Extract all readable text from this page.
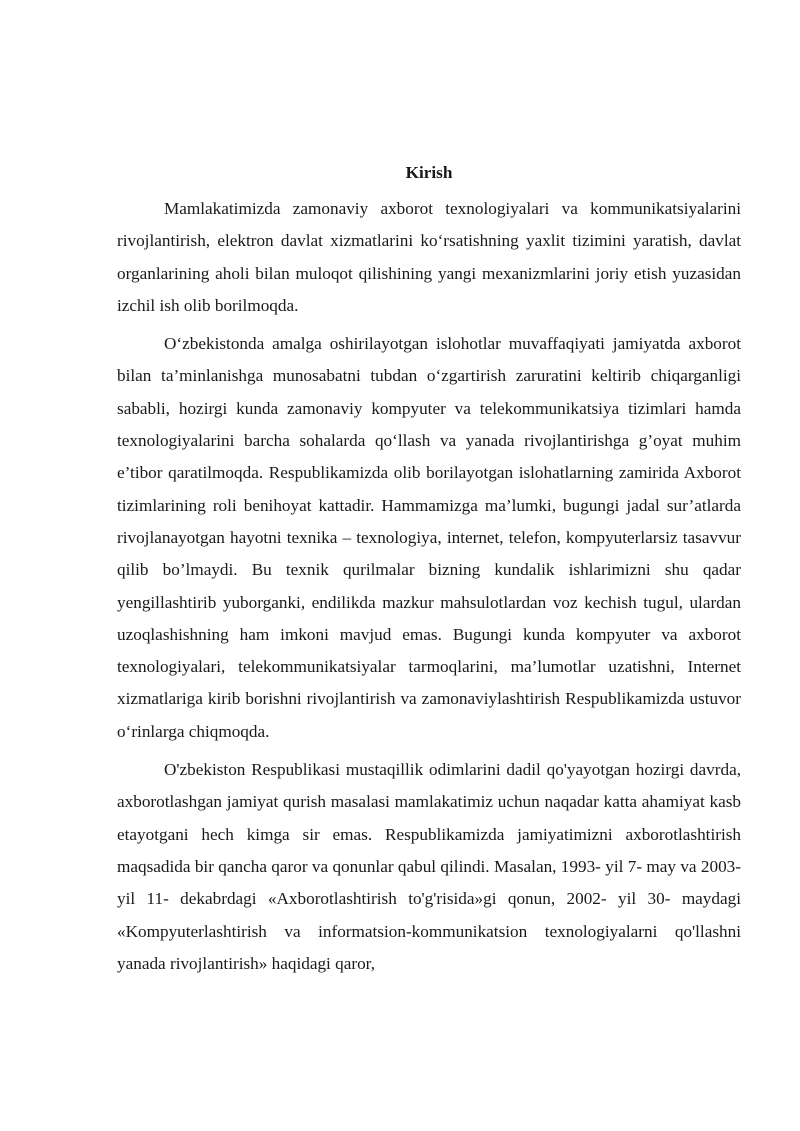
Kirish

Mamlakatimizda zamonaviy axborot texnologiyalari va kommunikatsiyalarini rivojlantirish, elektron davlat xizmatlarini ko‘rsatishning yaxlit tizimini yaratish, davlat organlarining aholi bilan muloqot qilishining yangi mexanizmlarini joriy etish yuzasidan izchil ish olib borilmoqda.

O‘zbekistonda amalga oshirilayotgan islohotlar muvaffaqiyati jamiyatda axborot bilan ta’minlanishga munosabatni tubdan o‘zgartirish zaruratini keltirib chiqarganligi sababli, hozirgi kunda zamonaviy kompyuter va telekommunikatsiya tizimlari hamda texnologiyalarini barcha sohalarda qo‘llash va yanada rivojlantirishga g’oyat muhim e’tibor qaratilmoqda. Respublikamizda olib borilayotgan islohatlarning zamirida Axborot tizimlarining roli benihoyat kattadir. Hammamizga ma’lumki, bugungi jadal sur’atlarda rivojlanayotgan hayotni texnika – texnologiya, internet, telefon, kompyuterlarsiz tasavvur qilib bo’lmaydi. Bu texnik qurilmalar bizning kundalik ishlarimizni shu qadar yengillashtirib yuborganki, endilikda mazkur mahsulotlardan voz kechish tugul, ulardan uzoqlashishning ham imkoni mavjud emas. Bugungi kunda kompyuter va axborot texnologiyalari, telekommunikatsiyalar tarmoqlarini, ma’lumotlar uzatishni, Internet xizmatlariga kirib borishni rivojlantirish va zamonaviylashtirish Respublikamizda ustuvor o‘rinlarga chiqmoqda.

O'zbekiston Respublikasi mustaqillik odimlarini dadil qo'yayotgan hozirgi davrda, axborotlashgan jamiyat qurish masalasi mamlakatimiz uchun naqadar katta ahamiyat kasb etayotgani hech kimga sir emas. Respublikamizda jamiyatimizni axborotlashtirish maqsadida bir qancha qaror va qonunlar qabul qilindi. Masalan, 1993- yil 7- may va 2003- yil 11- dekabrdagi «Axborotlashtirish to'g'risida»gi qonun, 2002- yil 30- maydagi «Kompyuterlashtirish va informatsion-kommunikatsion texnologiyalarni qo'llashni yanada rivojlantirish» haqidagi qaror,
